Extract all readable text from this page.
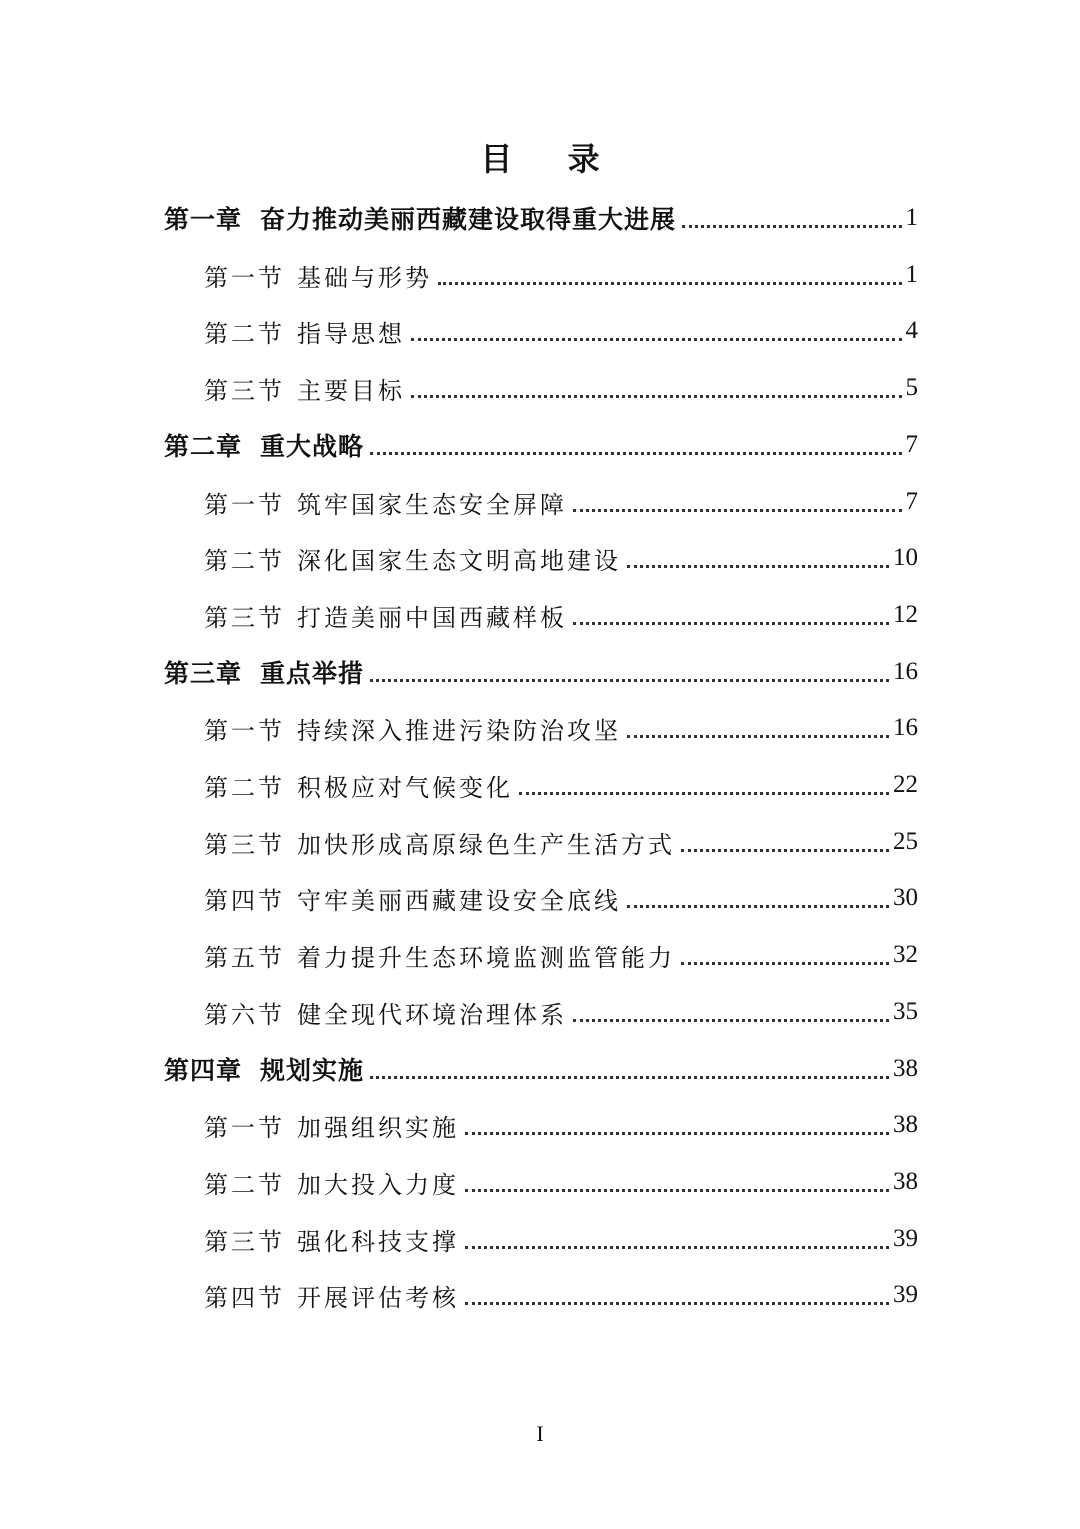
目 录
第一章 奋力推动美丽西藏建设取得重大进展	1
第一节 基础与形势	1
第二节 指导思想	4
第三节 主要目标	5
第二章 重大战略	7
第一节 筑牢国家生态安全屏障	7
第二节 深化国家生态文明高地建设	10
第三节 打造美丽中国西藏样板	12
第三章 重点举措	16
第一节 持续深入推进污染防治攻坚	16
第二节 积极应对气候变化	22
第三节 加快形成高原绿色生产生活方式	25
第四节 守牢美丽西藏建设安全底线	30
第五节 着力提升生态环境监测监管能力	32
第六节 健全现代环境治理体系	35
第四章 规划实施	38
第一节 加强组织实施	38
第二节 加大投入力度	38
第三节 强化科技支撑	39
第四节 开展评估考核	39
I
